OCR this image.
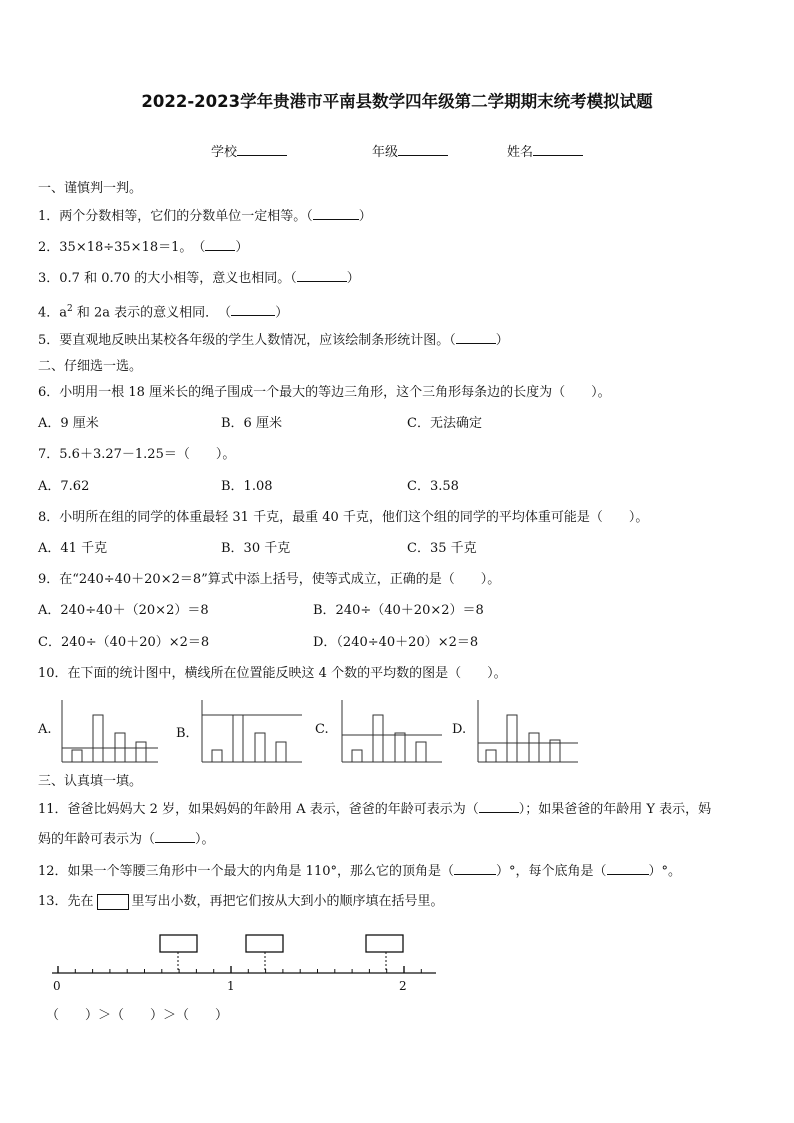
2022-2023学年贵港市平南县数学四年级第二学期期末统考模拟试题
学校	年级	姓名
一、谨慎判一判。
1．两个分数相等，它们的分数单位一定相等。（	）
2．35×18÷35×18＝1。　（ ）
3．0.7 和 0.70 的大小相等，意义也相同。（	）
4．$a^2$ 和 2a 表示的意义相同．　（	）
5．要直观地反映出某校各年级的学生人数情况，应该绘制条形统计图。（	）
二、仔细选一选。
6．小明用一根 18 厘米长的绳子围成一个最大的等边三角形，这个三角形每条边的长度为（　　）。
A．9 厘米	B．6 厘米	C．无法确定
7．5.6＋3.27－1.25＝（　　）。
A．7.62	B．1.08	C．3.58
8．小明所在组的同学的体重最轻 31 千克，最重 40 千克，他们这个组的同学的平均体重可能是（　　）。
A．41 千克	B．30 千克	C．35 千克
9．在“240÷40＋20×2＝8”算式中添上括号，使等式成立，正确的是（　　）。
A．240÷40＋（20×2）＝8	B．240÷（40＋20×2）＝8
C．240÷（40＋20）×2＝8	D．（240÷40＋20）×2＝8
10．在下面的统计图中，横线所在位置能反映这 4 个数的平均数的图是（　　）。
A.	B．	C.	D.
三、认真填一填。
11．爸爸比妈妈大 2 岁，如果妈妈的年龄用 A 表示，爸爸的年龄可表示为（	）；如果爸爸的年龄用 Y 表示，妈
妈的年龄可表示为（	）。
12．如果一个等腰三角形中一个最大的内角是 110°，那么它的顶角是（	）°，每个底角是（	）°。
13．先在	里写出小数，再把它们按从大到小的顺序填在括号里。
0	1	2
（　　）＞（　　）＞（　　）
